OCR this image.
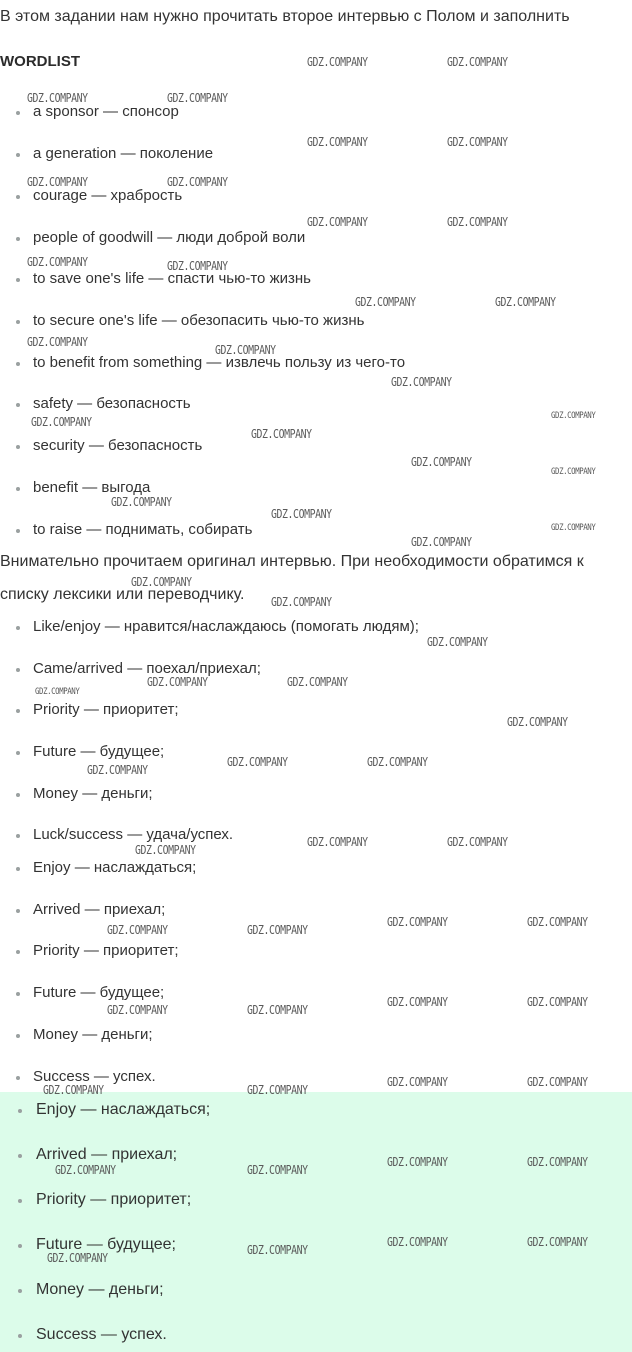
В этом задании нам нужно прочитать второе интервью с Полом и заполнить
WORDLIST
a sponsor — спонсор
a generation — поколение
courage — храбрость
people of goodwill — люди доброй воли
to save one's life — спасти чью-то жизнь
to secure one's life — обезопасить чью-то жизнь
to benefit from something — извлечь пользу из чего-то
safety — безопасность
security — безопасность
benefit — выгода
to raise — поднимать, собирать
Внимательно прочитаем оригинал интервью. При необходимости обратимся к
списку лексики или переводчику.
Like/enjoy — нравится/наслаждаюсь (помогать людям);
Came/arrived — поехал/приехал;
Priority — приоритет;
Future — будущее;
Money — деньги;
Luck/success — удача/успех.
Enjoy — наслаждаться;
Arrived — приехал;
Priority — приоритет;
Future — будущее;
Money — деньги;
Success — успех.
Enjoy — наслаждаться;
Arrived — приехал;
Priority — приоритет;
Future — будущее;
Money — деньги;
Success — успех.
GDZ.COMPANY	GDZ.COMPANY
GDZ.COMPANY	GDZ.COMPANY
GDZ.COMPANY	GDZ.COMPANY
GDZ.COMPANY	GDZ.COMPANY
GDZ.COMPANY	GDZ.COMPANY
GDZ.COMPANY	GDZ.COMPANY
GDZ.COMPANY	GDZ.COMPANY
GDZ.COMPANY
GDZ.COMPANY
GDZ.COMPANY
GDZ.COMPANY
GDZ.COMPANY
GDZ.COMPANY
GDZ.COMPANY
GDZ.COMPANY
GDZ.COMPANY
GDZ.COMPANY
GDZ.COMPANY
GDZ.COMPANY
GDZ.COMPANY
GDZ.COMPANY
GDZ.COMPANY
GDZ.COMPANY	GDZ.COMPANY
GDZ.COMPANY
GDZ.COMPANY
GDZ.COMPANY	GDZ.COMPANY
GDZ.COMPANY
GDZ.COMPANY	GDZ.COMPANY
GDZ.COMPANY
GDZ.COMPANY	GDZ.COMPANY
GDZ.COMPANY	GDZ.COMPANY
GDZ.COMPANY	GDZ.COMPANY
GDZ.COMPANY	GDZ.COMPANY
GDZ.COMPANY	GDZ.COMPANY
GDZ.COMPANY	GDZ.COMPANY
GDZ.COMPANY	GDZ.COMPANY
GDZ.COMPANY	GDZ.COMPANY
GDZ.COMPANY	GDZ.COMPANY
GDZ.COMPANY
GDZ.COMPANY
